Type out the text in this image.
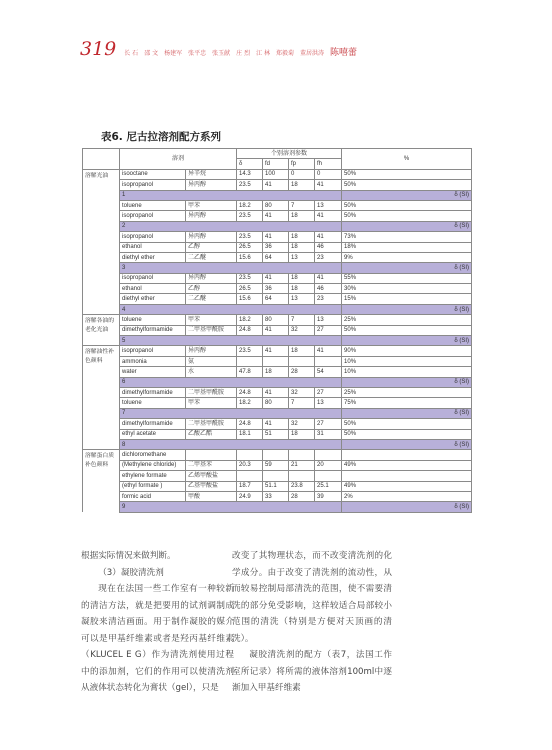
319 长 石 邵 文 杨建军 张平忠 张玉献 庄 烈 江 林 郑毅菊 董居洪涛 陈嘻蕾
表6. 尼古拉溶剂配方系列
	溶剂		个别溶剂参数				%
			δ	fd	fp	fh	
溶解光油	isooctane	异辛烷	14.3	100	0	0	50%
	isopropanol	异丙醇	23.5	41	18	41	50%
	1						δ (SI)
	toluene	甲苯	18.2	80	7	13	50%
	isopropanol	异丙醇	23.5	41	18	41	50%
	2						δ (SI)
	isopropanol	异丙醇	23.5	41	18	41	73%
	ethanol	乙醇	26.5	36	18	46	18%
	diethyl ether	二乙醚	15.6	64	13	23	9%
	3						δ (SI)
	isopropanol	异丙醇	23.5	41	18	41	55%
	ethanol	乙醇	26.5	36	18	46	30%
	diethyl ether	二乙醚	15.6	64	13	23	15%
	4						δ (SI)
溶解各油的老化光油	toluene	甲苯	18.2	80	7	13	25%
	dimethylformamide	二甲基甲酰胺	24.8	41	32	27	50%
	5						δ (SI)
溶解油性补色颜料	isopropanol	异丙醇	23.5	41	18	41	90%
	ammonia	氨					10%
	water	水	47.8	18	28	54	10%
	6						δ (SI)
	dimethylformamide	二甲基甲酰胺	24.8	41	32	27	25%
	toluene	甲苯	18.2	80	7	13	75%
	7						δ (SI)
	dimethylformamide	二甲基甲酰胺	24.8	41	32	27	50%
	ethyl acetate	乙酸乙酯	18.1	51	18	31	50%
	8						δ (SI)
溶解蛋白质补色颜料	dichloromethane						
	(Methylene chloride)	二甲基苯	20.3	59	21	20	49%
	ethylene formate	乙烯甲酸盐					
	(ethyl formate )	乙基甲酸盐	18.7	51.1	23.8	25.1	49%
	formic acid	甲酸	24.9	33	28	39	2%
	9						δ (SI)

根据实际情况来做判断。

（3）凝胶清洗剂

现在在法国一些工作室有一种较新的清洁方法，就是把要用的试剂调制成凝胶来清洁画面。用于制作凝胶的媒介可以是甲基纤维素或者是羟丙基纤维素（KLUCEL E G）作为清洗剂使用过程中的添加剂，它们的作用可以使清洗剂从液体状态转化为膏状（gel），只是

改变了其物理状态，而不改变清洗剂的化学成分。由于改变了清洗剂的流动性，从而较易控制局部清洗的范围，使不需要清洗的部分免受影响，这样较适合局部较小范围的清洗（特别是方便对天顶画的清洗）。

凝胶清洗剂的配方（表7，法国工作室所记录）将所需的液体溶剂100ml中逐渐加入甲基纤维素
